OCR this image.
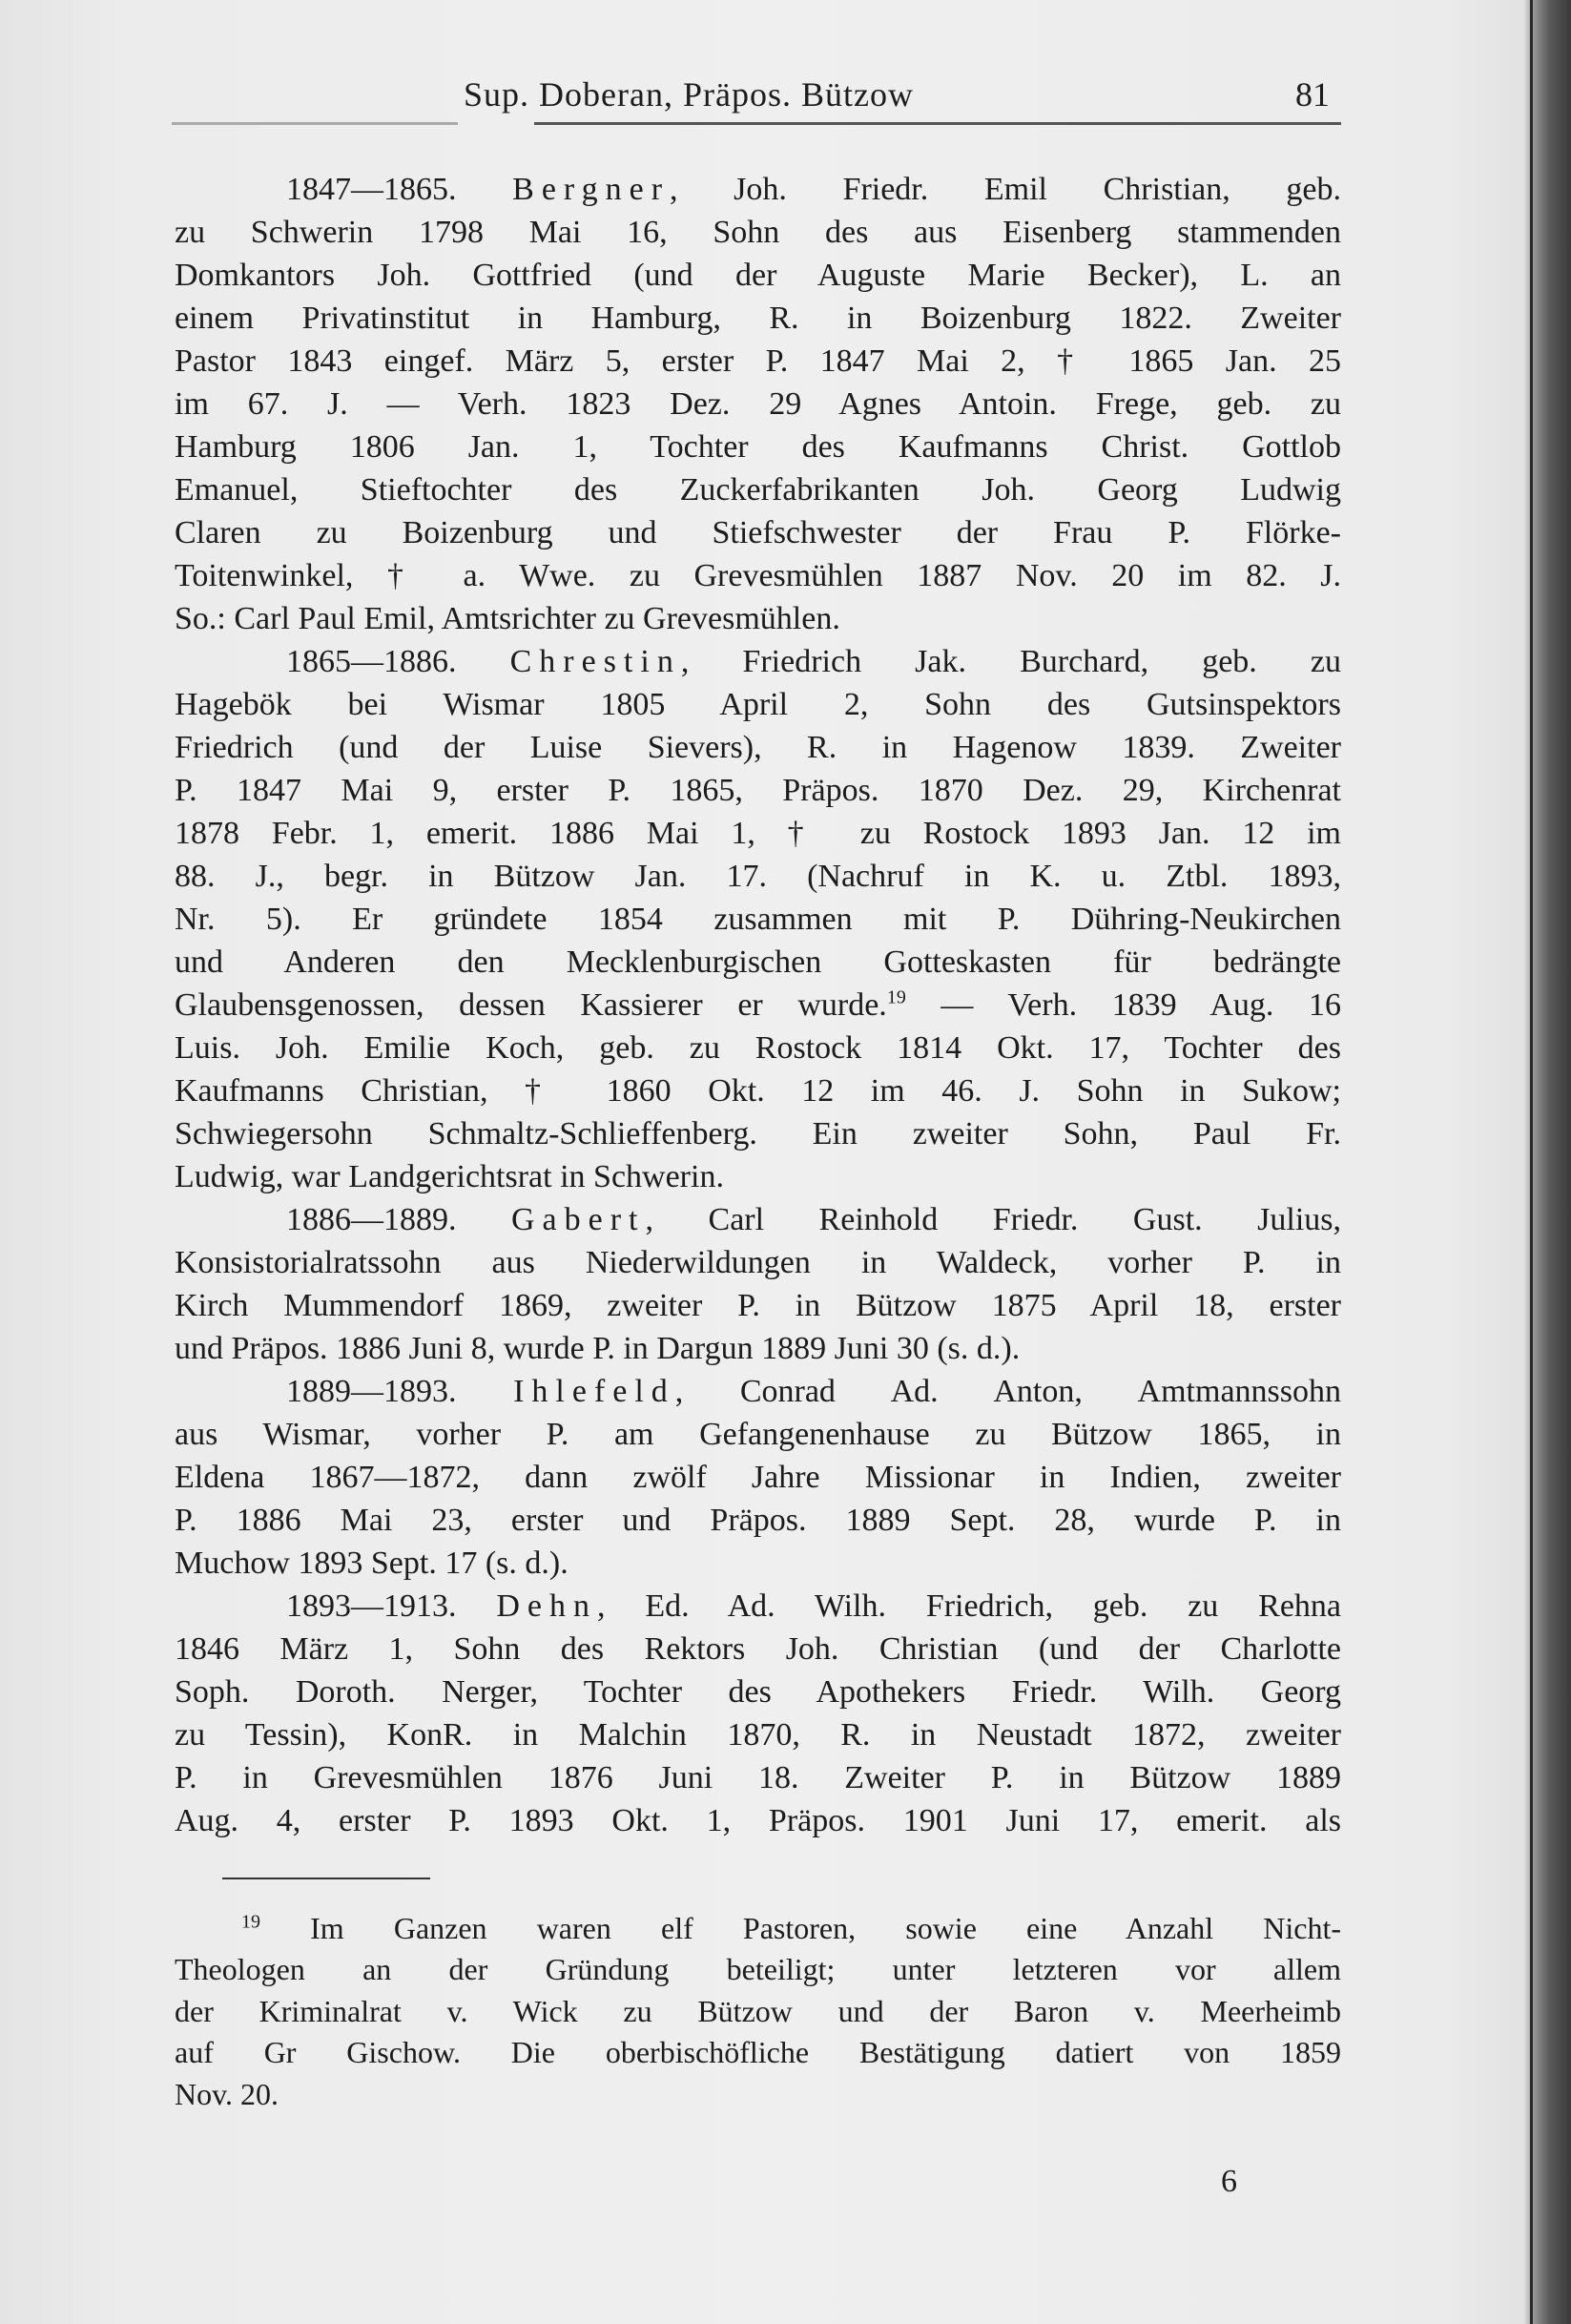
Sup. Doberan, Präpos. Bützow	81
1847—1865. Bergner, Joh. Friedr. Emil Christian, geb.
zu Schwerin 1798 Mai 16, Sohn des aus Eisenberg stammenden
Domkantors Joh. Gottfried (und der Auguste Marie Becker), L. an
einem Privatinstitut in Hamburg, R. in Boizenburg 1822. Zweiter
Pastor 1843 eingef. März 5, erster P. 1847 Mai 2, † 1865 Jan. 25
im 67. J. — Verh. 1823 Dez. 29 Agnes Antoin. Frege, geb. zu
Hamburg 1806 Jan. 1, Tochter des Kaufmanns Christ. Gottlob
Emanuel, Stieftochter des Zuckerfabrikanten Joh. Georg Ludwig
Claren zu Boizenburg und Stiefschwester der Frau P. Flörke-
Toitenwinkel, † a. Wwe. zu Grevesmühlen 1887 Nov. 20 im 82. J.
So.: Carl Paul Emil, Amtsrichter zu Grevesmühlen.
1865—1886. Chrestin, Friedrich Jak. Burchard, geb. zu
Hagebök bei Wismar 1805 April 2, Sohn des Gutsinspektors
Friedrich (und der Luise Sievers), R. in Hagenow 1839. Zweiter
P. 1847 Mai 9, erster P. 1865, Präpos. 1870 Dez. 29, Kirchenrat
1878 Febr. 1, emerit. 1886 Mai 1, † zu Rostock 1893 Jan. 12 im
88. J., begr. in Bützow Jan. 17. (Nachruf in K. u. Ztbl. 1893,
Nr. 5). Er gründete 1854 zusammen mit P. Dühring-Neukirchen
und Anderen den Mecklenburgischen Gotteskasten für bedrängte
Glaubensgenossen, dessen Kassierer er wurde.$^{19}$ — Verh. 1839 Aug. 16
Luis. Joh. Emilie Koch, geb. zu Rostock 1814 Okt. 17, Tochter des
Kaufmanns Christian, † 1860 Okt. 12 im 46. J. Sohn in Sukow;
Schwiegersohn Schmaltz-Schlieffenberg. Ein zweiter Sohn, Paul Fr.
Ludwig, war Landgerichtsrat in Schwerin.
1886—1889. Gabert, Carl Reinhold Friedr. Gust. Julius,
Konsistorialratssohn aus Niederwildungen in Waldeck, vorher P. in
Kirch Mummendorf 1869, zweiter P. in Bützow 1875 April 18, erster
und Präpos. 1886 Juni 8, wurde P. in Dargun 1889 Juni 30 (s. d.).
1889—1893. Ihlefeld, Conrad Ad. Anton, Amtmannssohn
aus Wismar, vorher P. am Gefangenenhause zu Bützow 1865, in
Eldena 1867—1872, dann zwölf Jahre Missionar in Indien, zweiter
P. 1886 Mai 23, erster und Präpos. 1889 Sept. 28, wurde P. in
Muchow 1893 Sept. 17 (s. d.).
1893—1913. Dehn, Ed. Ad. Wilh. Friedrich, geb. zu Rehna
1846 März 1, Sohn des Rektors Joh. Christian (und der Charlotte
Soph. Doroth. Nerger, Tochter des Apothekers Friedr. Wilh. Georg
zu Tessin), KonR. in Malchin 1870, R. in Neustadt 1872, zweiter
P. in Grevesmühlen 1876 Juni 18. Zweiter P. in Bützow 1889
Aug. 4, erster P. 1893 Okt. 1, Präpos. 1901 Juni 17, emerit. als
$^{19}$ Im Ganzen waren elf Pastoren, sowie eine Anzahl Nicht-
Theologen an der Gründung beteiligt; unter letzteren vor allem
der Kriminalrat v. Wick zu Bützow und der Baron v. Meerheimb
auf Gr Gischow. Die oberbischöfliche Bestätigung datiert von 1859
Nov. 20.
6
